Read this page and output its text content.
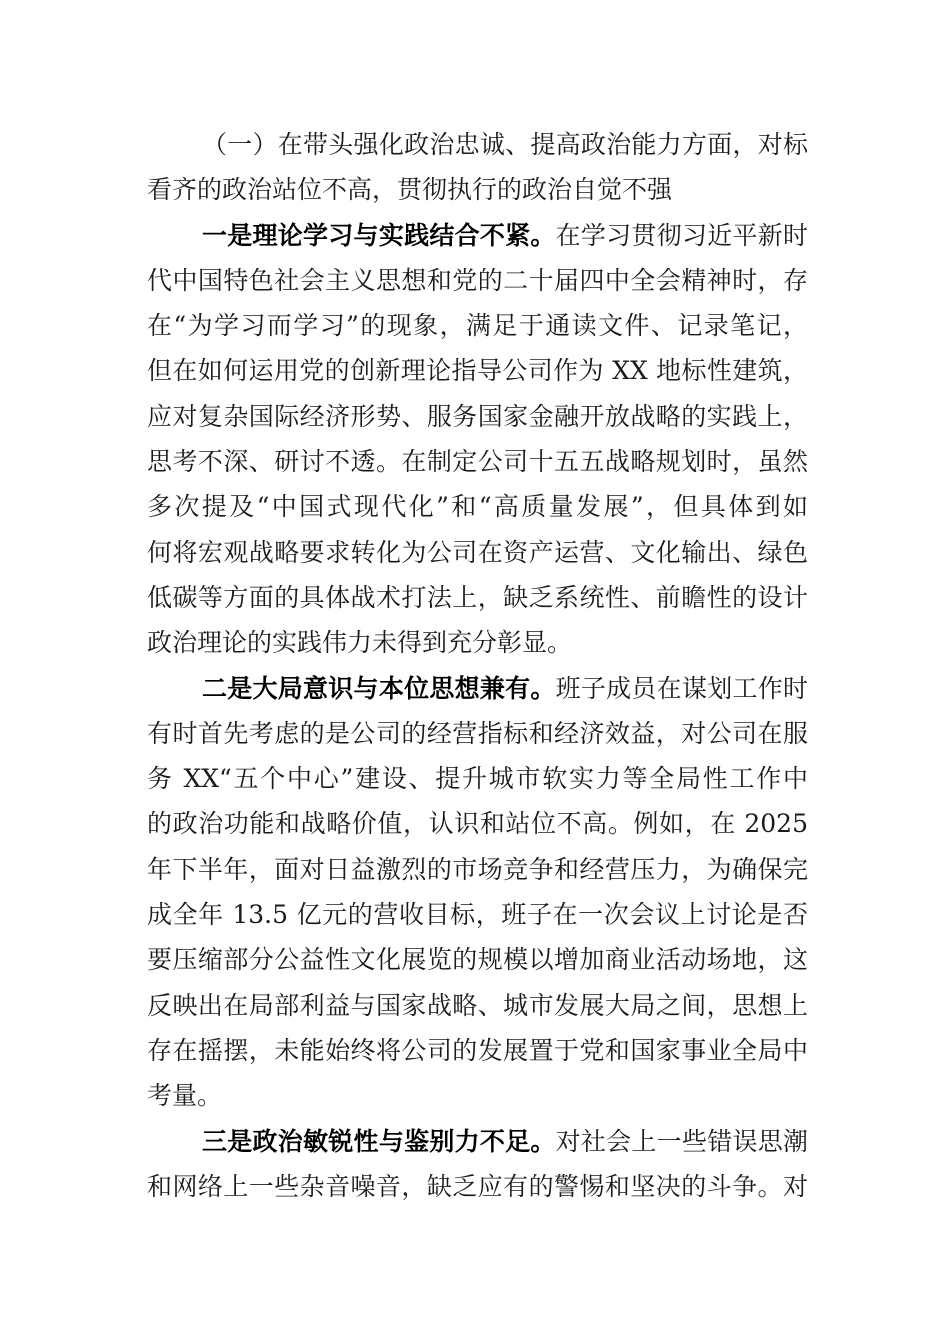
（一）在带头强化政治忠诚、提高政治能力方面，对标
看齐的政治站位不高，贯彻执行的政治自觉不强
一是理论学习与实践结合不紧。在学习贯彻习近平新时
代中国特色社会主义思想和党的二十届四中全会精神时，存
在“为学习而学习”的现象，满足于通读文件、记录笔记，
但在如何运用党的创新理论指导公司作为 XX 地标性建筑，
应对复杂国际经济形势、服务国家金融开放战略的实践上，
思考不深、研讨不透。在制定公司十五五战略规划时，虽然
多次提及“中国式现代化”和“高质量发展”，但具体到如
何将宏观战略要求转化为公司在资产运营、文化输出、绿色
低碳等方面的具体战术打法上，缺乏系统性、前瞻性的设计
政治理论的实践伟力未得到充分彰显。
二是大局意识与本位思想兼有。班子成员在谋划工作时
有时首先考虑的是公司的经营指标和经济效益，对公司在服
务 XX“五个中心”建设、提升城市软实力等全局性工作中
的政治功能和战略价值，认识和站位不高。例如，在 2025
年下半年，面对日益激烈的市场竞争和经营压力，为确保完
成全年 13.5 亿元的营收目标，班子在一次会议上讨论是否
要压缩部分公益性文化展览的规模以增加商业活动场地，这
反映出在局部利益与国家战略、城市发展大局之间，思想上
存在摇摆，未能始终将公司的发展置于党和国家事业全局中
考量。
三是政治敏锐性与鉴别力不足。对社会上一些错误思潮
和网络上一些杂音噪音，缺乏应有的警惕和坚决的斗争。对
